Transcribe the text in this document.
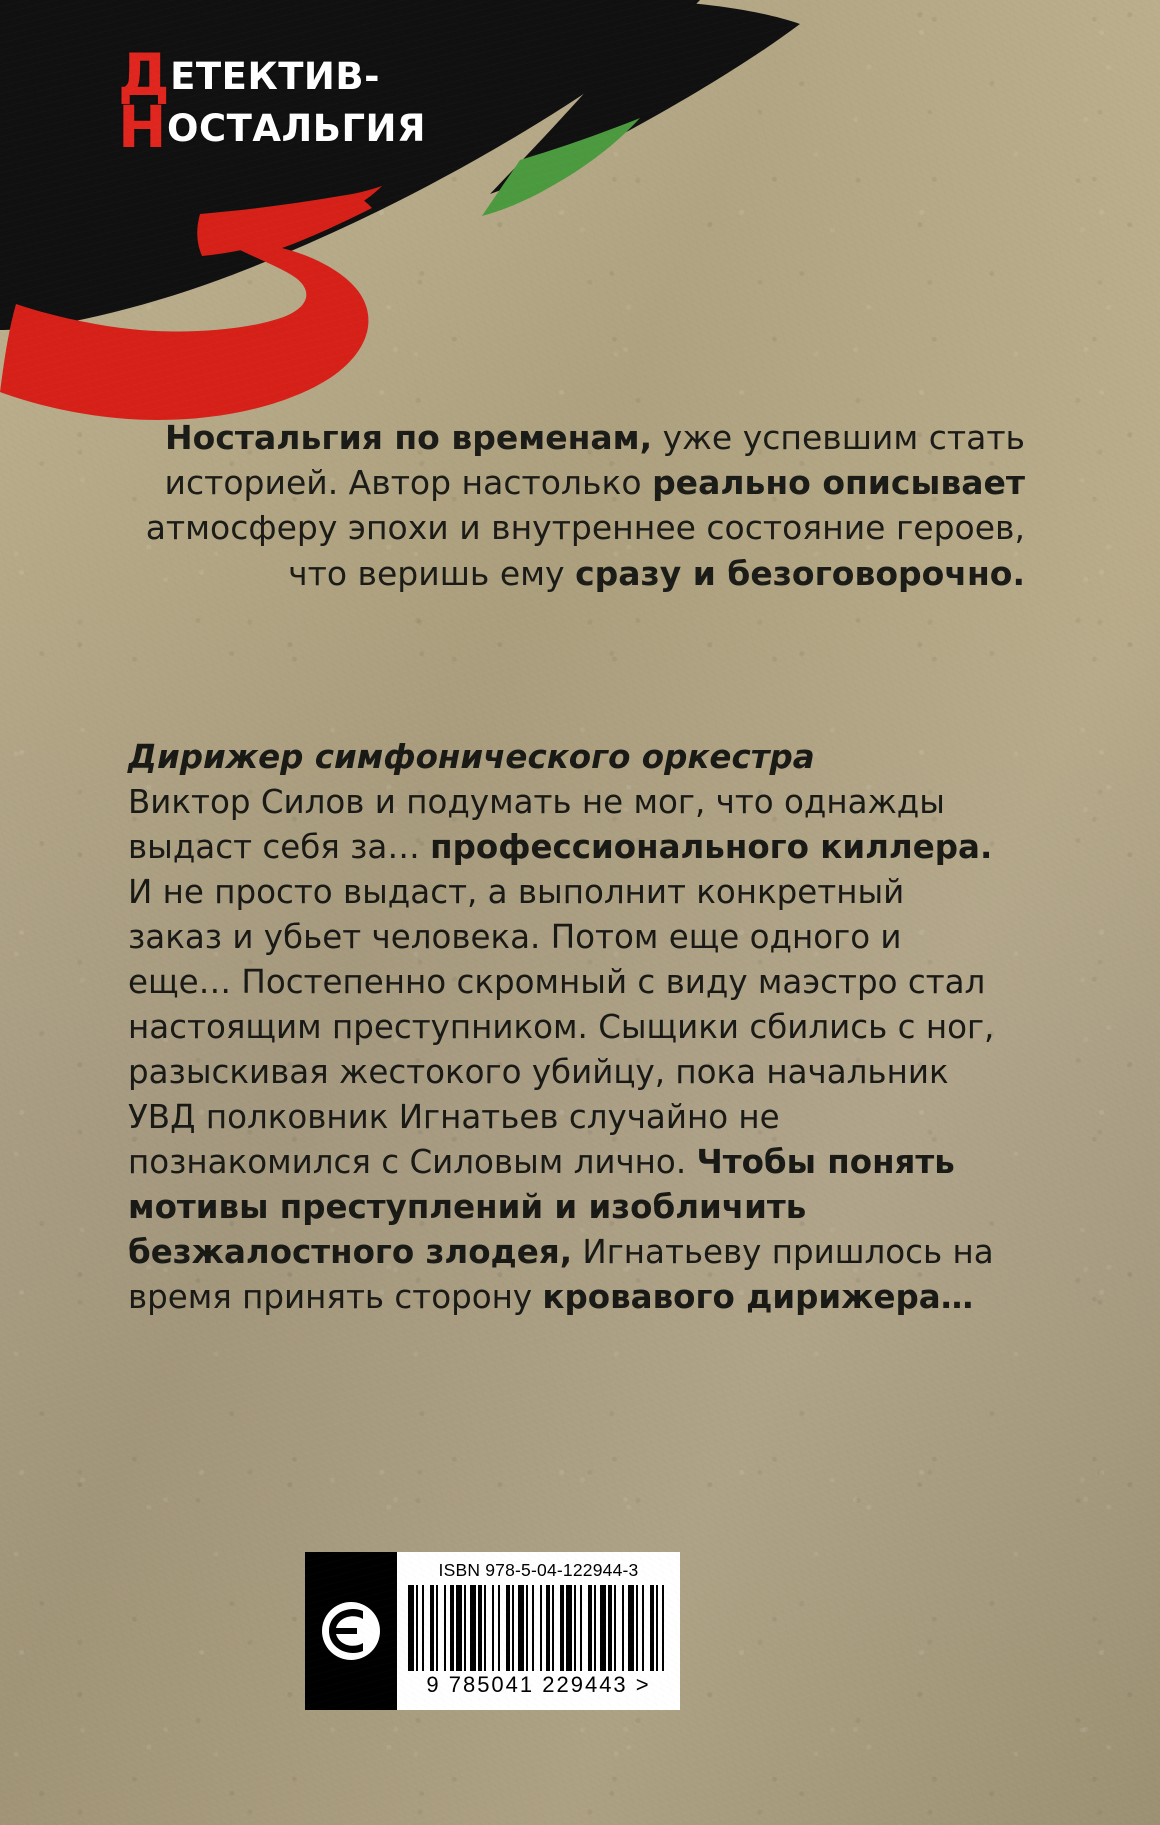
ДЕТЕКТИВ-
НОСТАЛЬГИЯ
Ностальгия по временам, уже успевшим стать историей. Автор настолько реально описывает атмосферу эпохи и внутреннее состояние героев, что веришь ему сразу и безоговорочно.
Дирижер симфонического оркестра
Виктор Силов и подумать не мог, что однажды выдаст себя за… профессионального киллера. И не просто выдаст, а выполнит конкретный заказ и убьет человека. Потом еще одного и еще… Постепенно скромный с виду маэстро стал настоящим преступником. Сыщики сбились с ног, разыскивая жестокого убийцу, пока начальник УВД полковник Игнатьев случайно не познакомился с Силовым лично. Чтобы понять мотивы преступлений и изобличить безжалостного злодея, Игнатьеву пришлось на время принять сторону кровавого дирижера…
ISBN 978-5-04-122944-3
9 785041 229443 >
